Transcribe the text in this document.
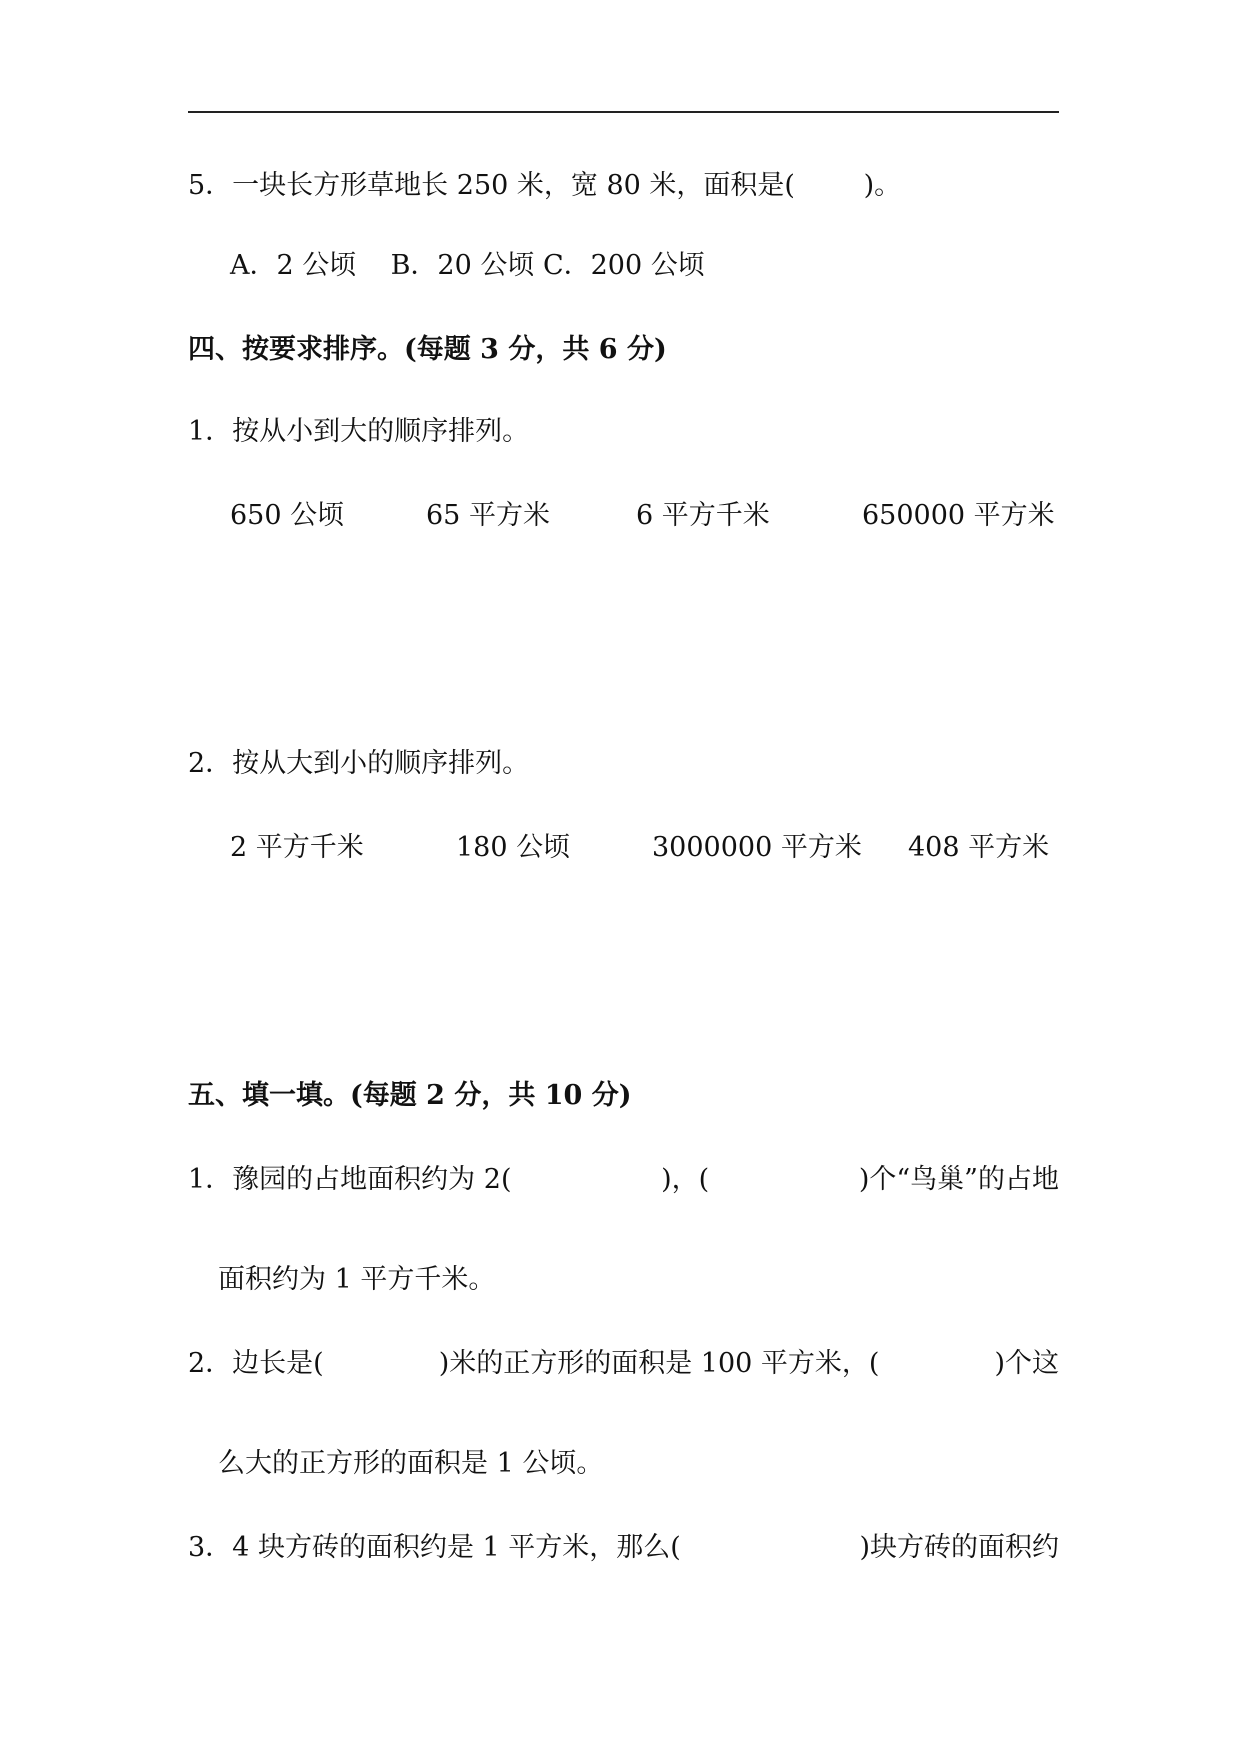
5．一块长方形草地长 250 米，宽 80 米，面积是(        )。
A．2 公顷    B．20 公顷 C．200 公顷
四、按要求排序。(每题 3 分，共 6 分)
1．按从小到大的顺序排列。
650 公顷	65 平方米	6 平方千米	650000 平方米
2．按从大到小的顺序排列。
2 平方千米	180 公顷	3000000 平方米 408 平方米
五、填一填。(每题 2 分，共 10 分)
1．豫园的占地面积约为 2(	)，(	)个“鸟巢”的占地
面积约为 1 平方千米。
2．边长是(	)米的正方形的面积是 100 平方米，(	)个这
么大的正方形的面积是 1 公顷。
3．4 块方砖的面积约是 1 平方米，那么(	)块方砖的面积约
